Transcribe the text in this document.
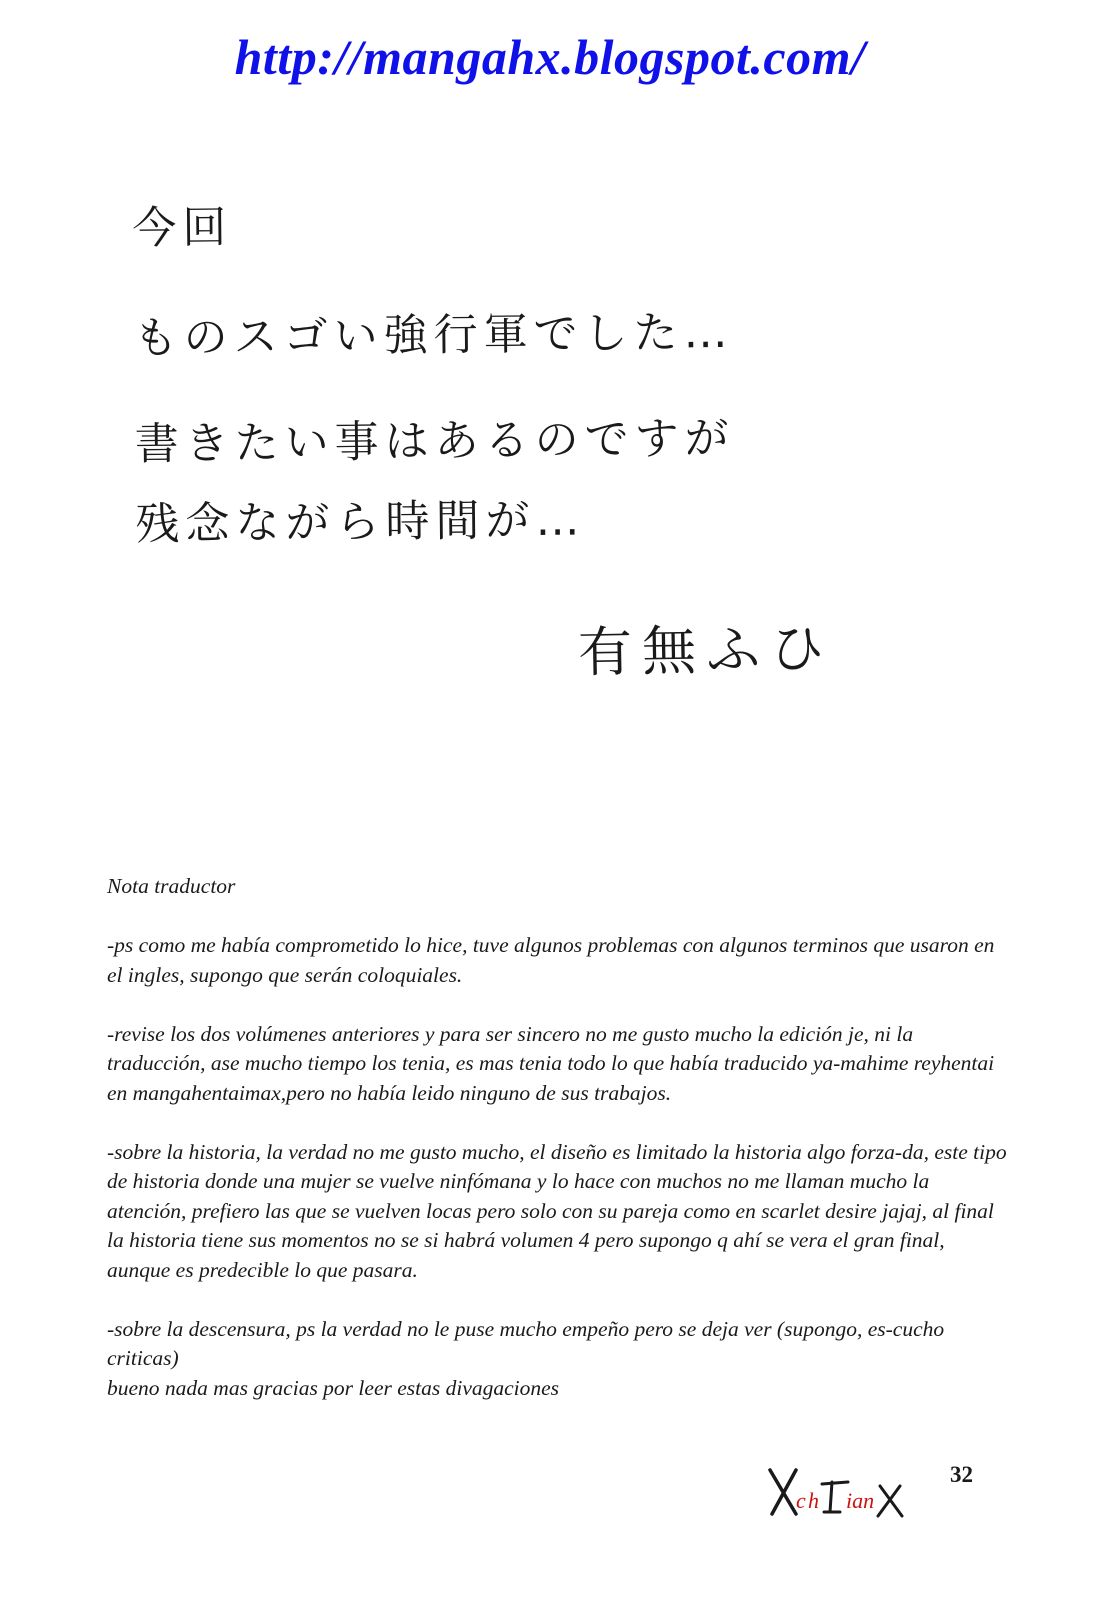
http://mangahx.blogspot.com/
今回
ものスゴい強行軍でした…
書きたい事はあるのですが
残念ながら時間が…
有無ふひ

Nota traductor

-ps como me había comprometido lo hice, tuve algunos problemas con algunos terminos que usaron en el ingles, supongo que serán coloquiales.

-revise los dos volúmenes anteriores y para ser sincero no me gusto mucho la edición je, ni la traducción, ase mucho tiempo los tenia, es mas tenia todo lo que había traducido ya-mahime reyhentai en mangahentaimax,pero no había leido ninguno de sus trabajos.

-sobre la historia, la verdad no me gusto mucho, el diseño es limitado la historia algo forza-da, este tipo de historia donde una mujer se vuelve ninfómana y lo hace con muchos no me llaman mucho la atención, prefiero las que se vuelven locas pero solo con su pareja como en scarlet desire jajaj, al final la historia tiene sus momentos no se si habrá volumen 4 pero supongo q ahí se vera el gran final, aunque es predecible lo que pasara.

-sobre la descensura, ps la verdad no le puse mucho empeño pero se deja ver (supongo, es-cucho criticas)

bueno nada mas gracias por leer estas divagaciones

c h ian
32
